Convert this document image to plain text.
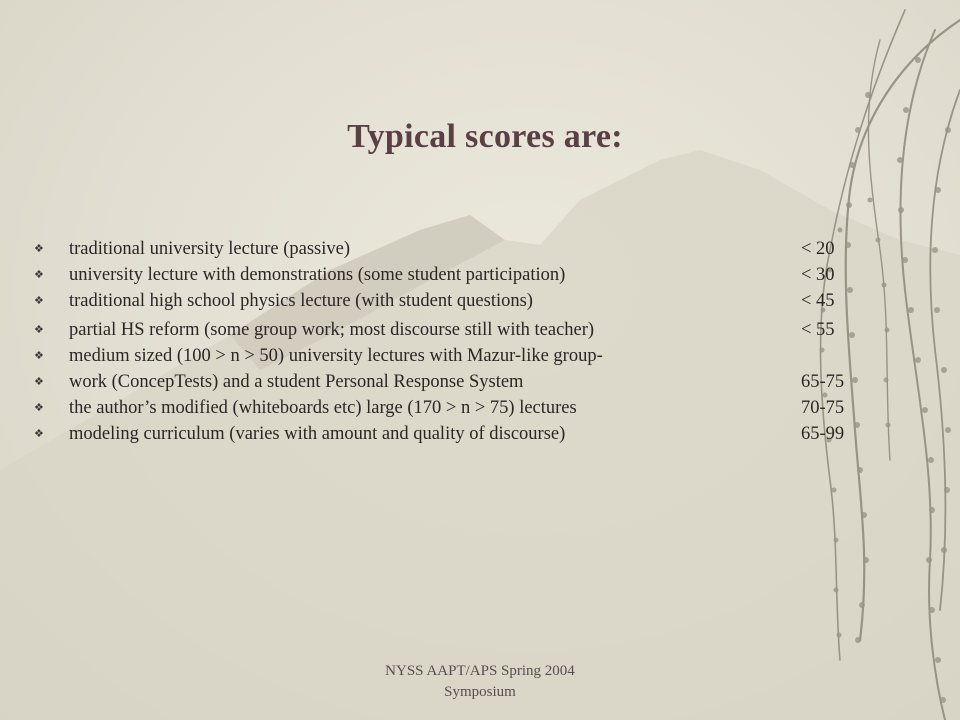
Typical scores are:
❖ traditional university lecture (passive)	< 20
❖ university lecture with demonstrations (some student participation)	< 30
❖ traditional high school physics lecture (with student questions)	< 45
❖ partial HS reform (some group work; most discourse still with teacher)	< 55
❖ medium sized (100 > n > 50) university lectures with Mazur-like group-
❖ work (ConcepTests) and a student Personal Response System	65-75
❖ the author’s modified (whiteboards etc) large (170 > n > 75) lectures	70-75
❖ modeling curriculum (varies with amount and quality of discourse)	65-99
NYSS AAPT/APS Spring 2004
Symposium
